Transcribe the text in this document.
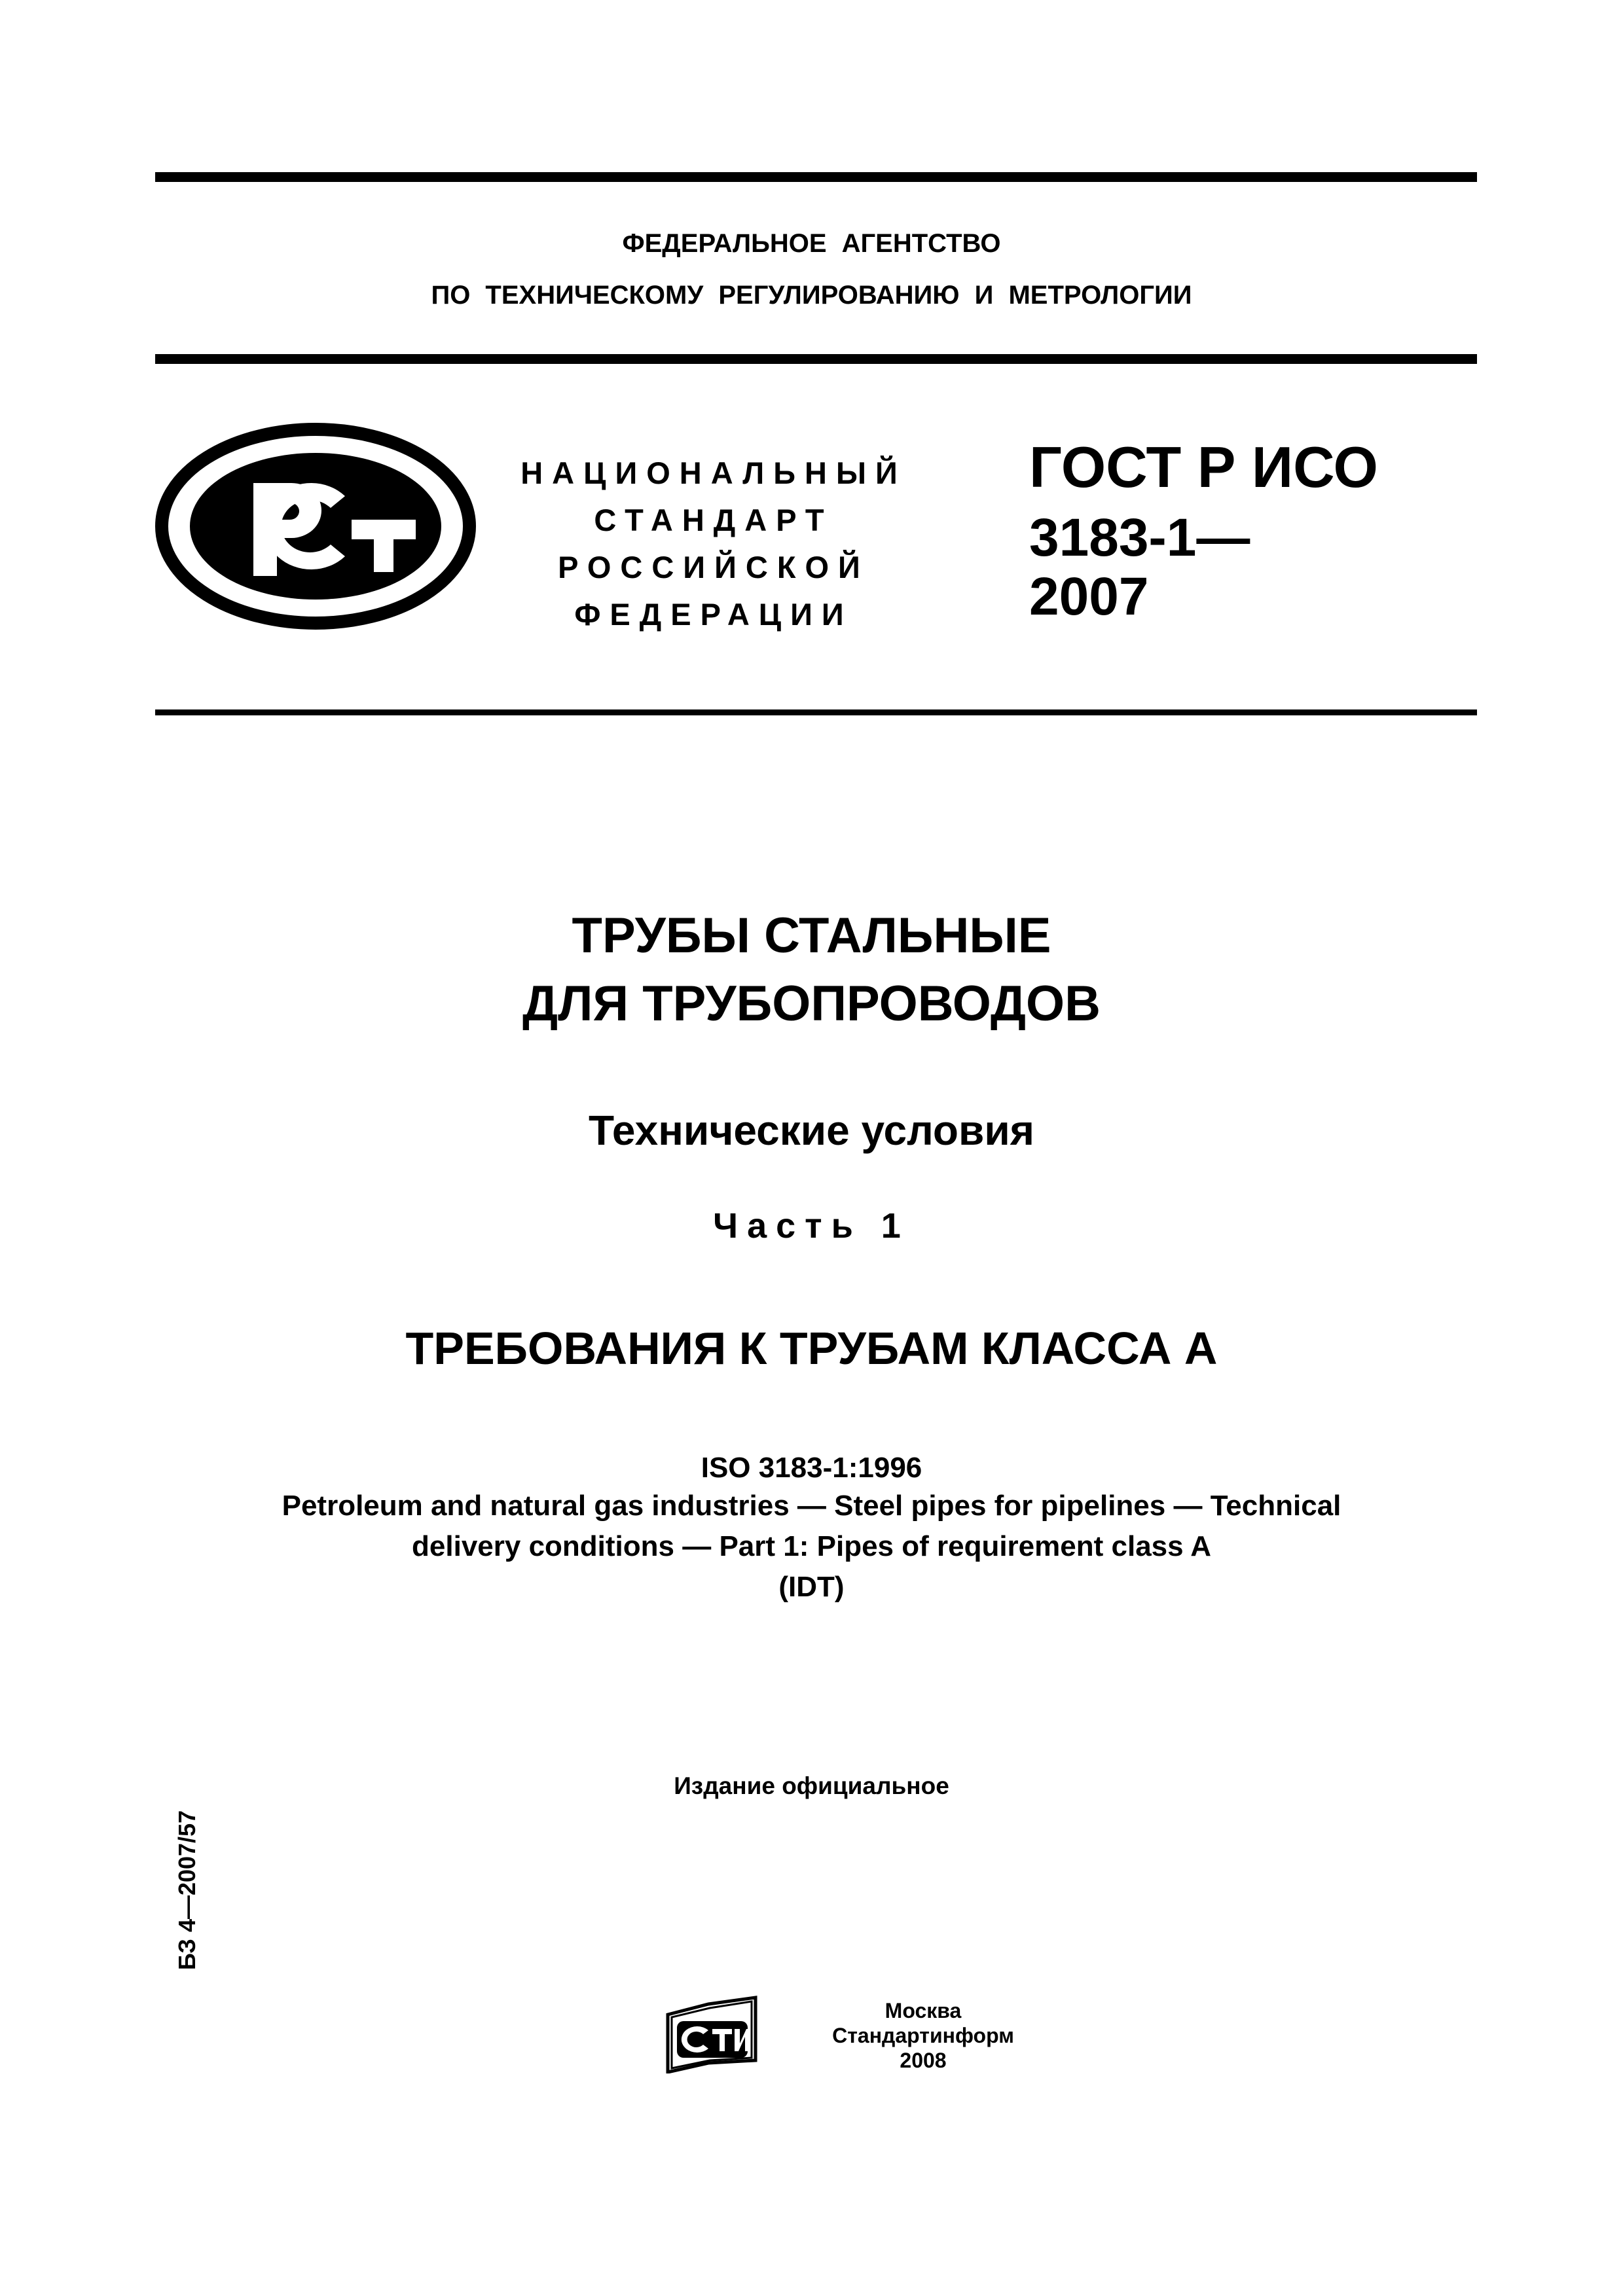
ФЕДЕРАЛЬНОЕ АГЕНТСТВО
ПО ТЕХНИЧЕСКОМУ РЕГУЛИРОВАНИЮ И МЕТРОЛОГИИ
НАЦИОНАЛЬНЫЙ
СТАНДАРТ
РОССИЙСКОЙ
ФЕДЕРАЦИИ
ГОСТ Р ИСО
3183-1—
2007
ТРУБЫ СТАЛЬНЫЕ
ДЛЯ ТРУБОПРОВОДОВ
Технические условия
Часть 1
ТРЕБОВАНИЯ К ТРУБАМ КЛАССА А
ISO 3183-1:1996
Petroleum and natural gas industries — Steel pipes for pipelines — Technical
delivery conditions — Part 1: Pipes of requirement class A
(IDT)
Издание официальное
БЗ 4—2007/57
Москва
Стандартинформ
2008
